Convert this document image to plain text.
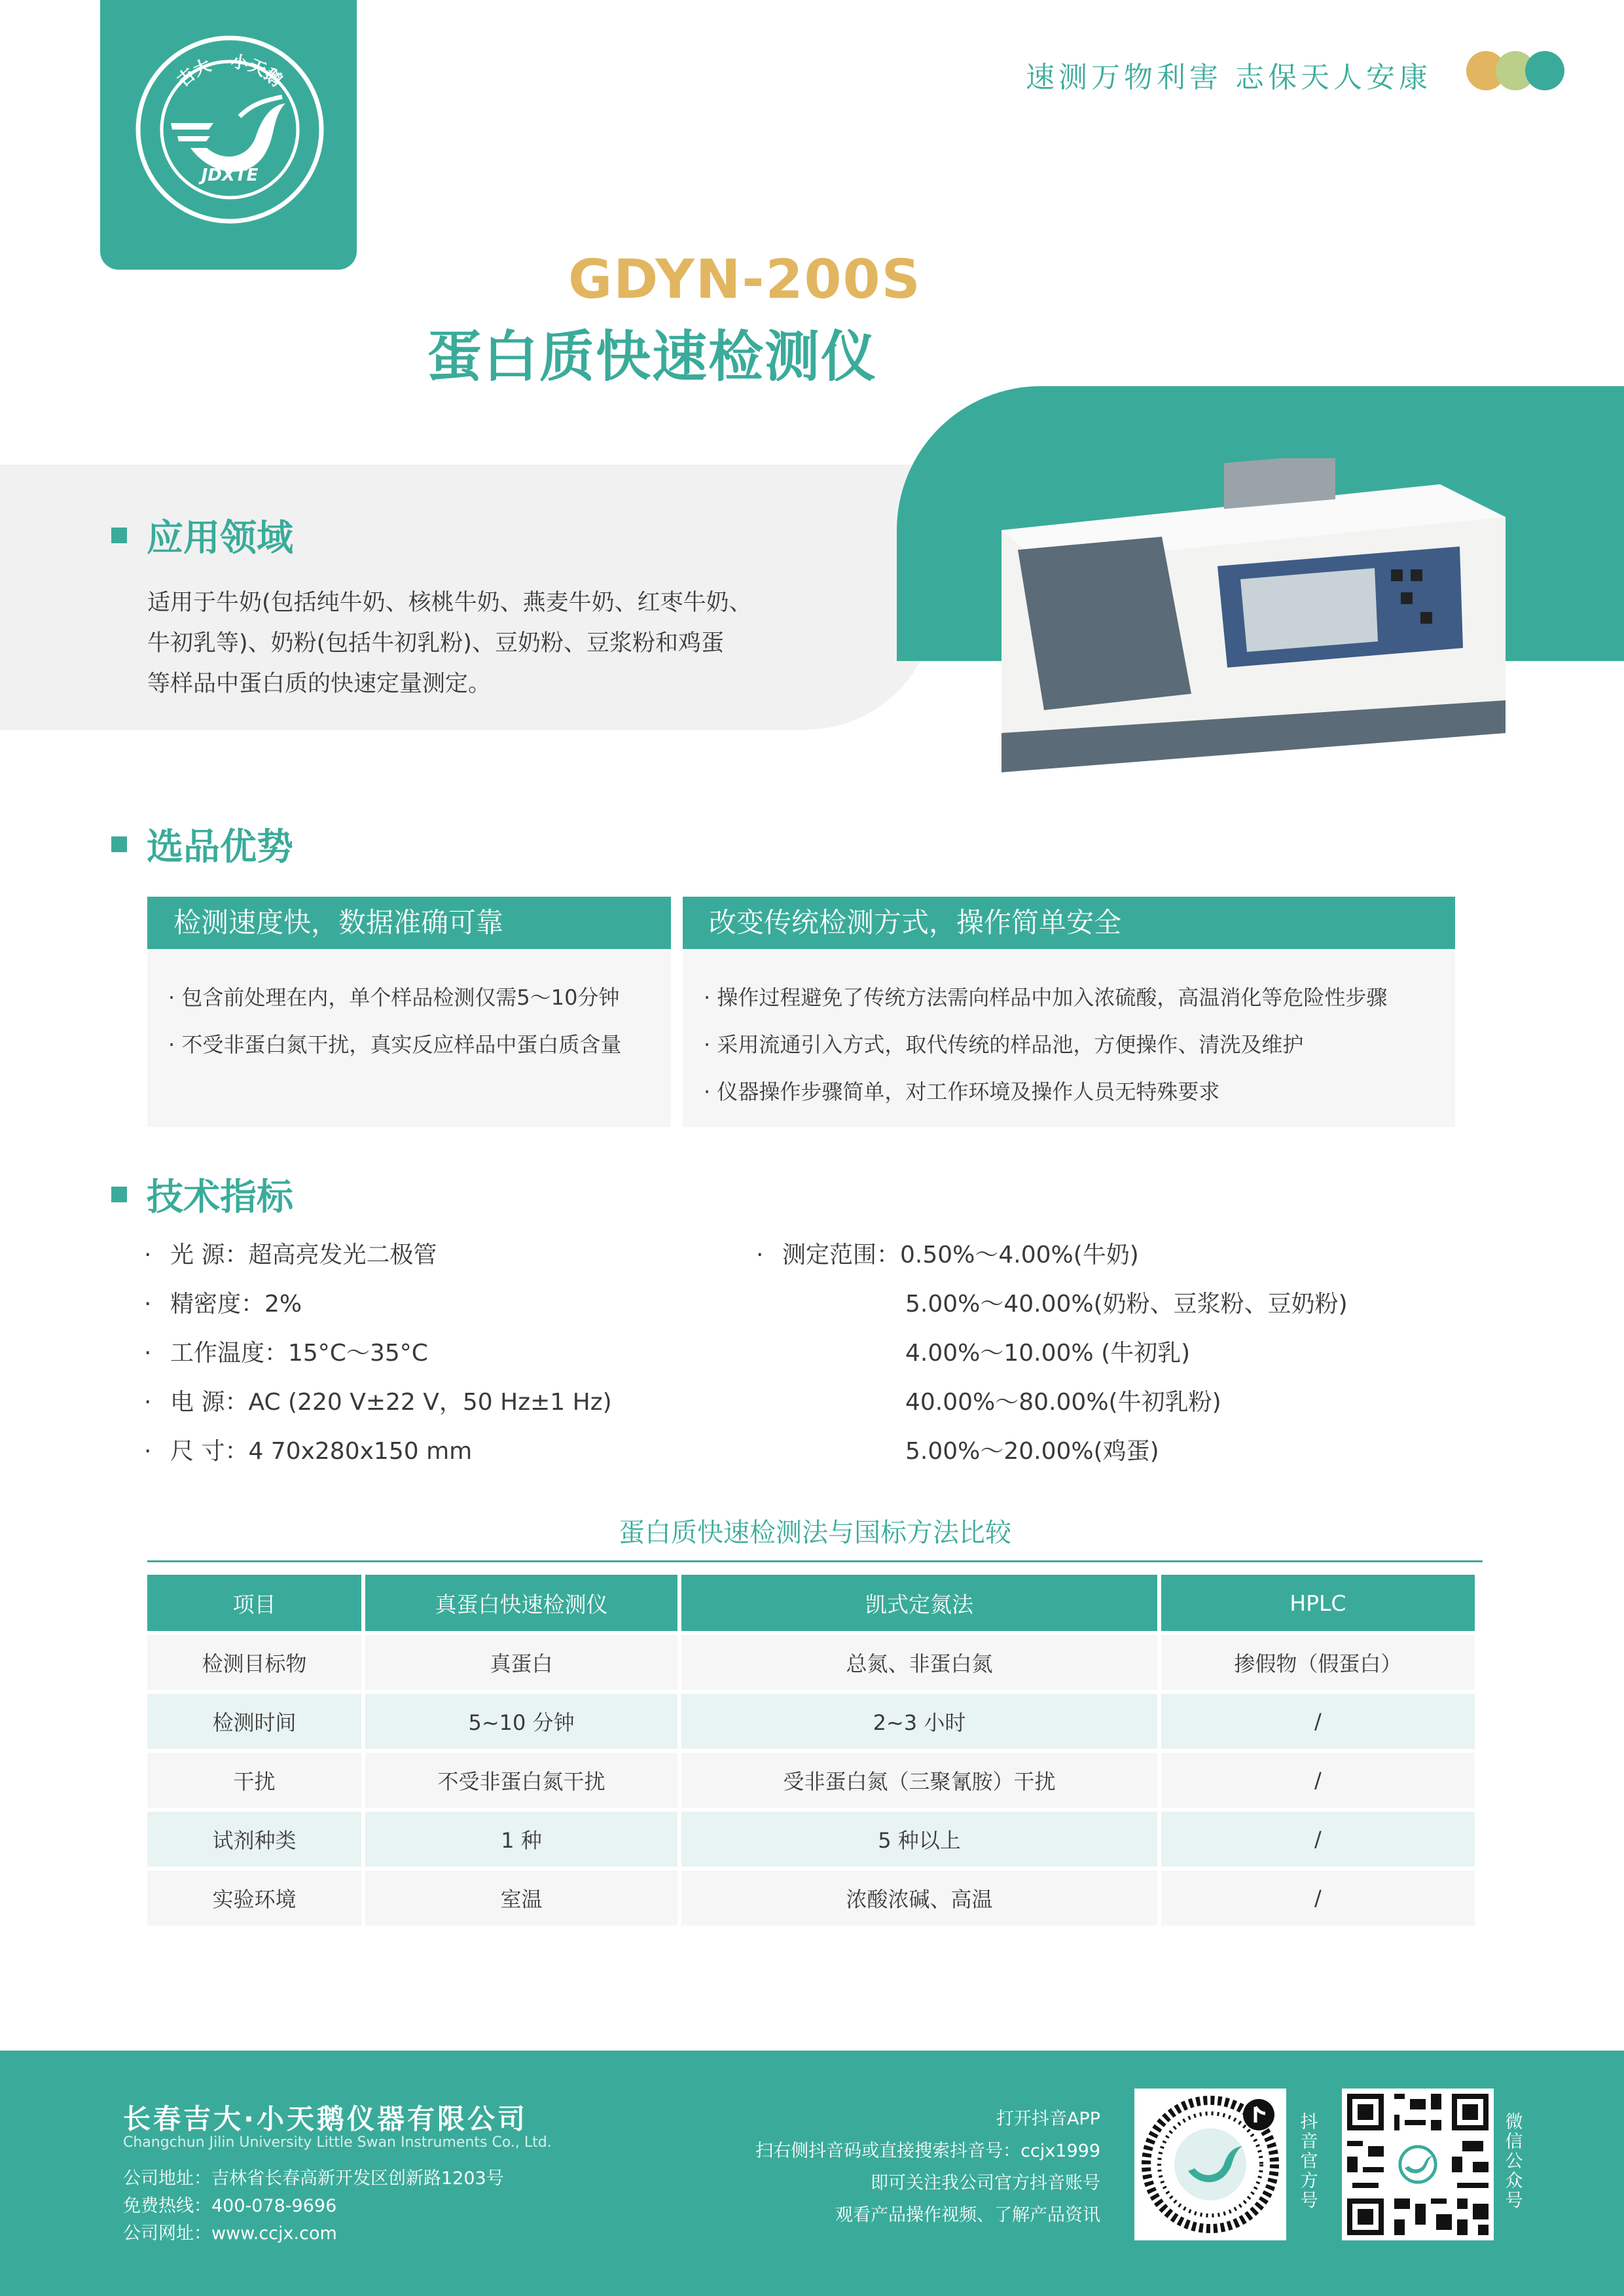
吉大 · 小天鹅
JDXTE
速测万物利害 志保天人安康
GDYN-200S
蛋白质快速检测仪
应用领域
适用于牛奶(包括纯牛奶、核桃牛奶、燕麦牛奶、红枣牛奶、
牛初乳等)、奶粉(包括牛初乳粉)、豆奶粉、豆浆粉和鸡蛋
等样品中蛋白质的快速定量测定。
选品优势
检测速度快，数据准确可靠
· 包含前处理在内，单个样品检测仅需5～10分钟
· 不受非蛋白氮干扰，真实反应样品中蛋白质含量
改变传统检测方式，操作简单安全
· 操作过程避免了传统方法需向样品中加入浓硫酸，高温消化等危险性步骤
· 采用流通引入方式，取代传统的样品池，方便操作、清洗及维护
· 仪器操作步骤简单，对工作环境及操作人员无特殊要求
技术指标
· 光 源：超高亮发光二极管
· 精密度：2%
· 工作温度：15°C～35°C
· 电 源：AC (220 V±22 V，50 Hz±1 Hz)
· 尺 寸：4 70x280x150 mm
· 测定范围：0.50%～4.00%(牛奶)
5.00%～40.00%(奶粉、豆浆粉、豆奶粉)
4.00%～10.00% (牛初乳)
40.00%～80.00%(牛初乳粉)
5.00%～20.00%(鸡蛋)
蛋白质快速检测法与国标方法比较
项目	真蛋白快速检测仪	凯式定氮法	HPLC
检测目标物	真蛋白	总氮、非蛋白氮	掺假物（假蛋白）
检测时间	5~10 分钟	2~3 小时	/
干扰	不受非蛋白氮干扰	受非蛋白氮（三聚氰胺）干扰	/
试剂种类	1 种	5 种以上	/
实验环境	室温	浓酸浓碱、高温	/
长春吉大·小天鹅仪器有限公司
Changchun Jilin University Little Swan Instruments Co., Ltd.
公司地址：吉林省长春高新开发区创新路1203号
免费热线：400-078-9696
公司网址：www.ccjx.com
打开抖音APP
扫右侧抖音码或直接搜索抖音号：ccjx1999
即可关注我公司官方抖音账号
观看产品操作视频、了解产品资讯
抖音官方号
微信公众号
